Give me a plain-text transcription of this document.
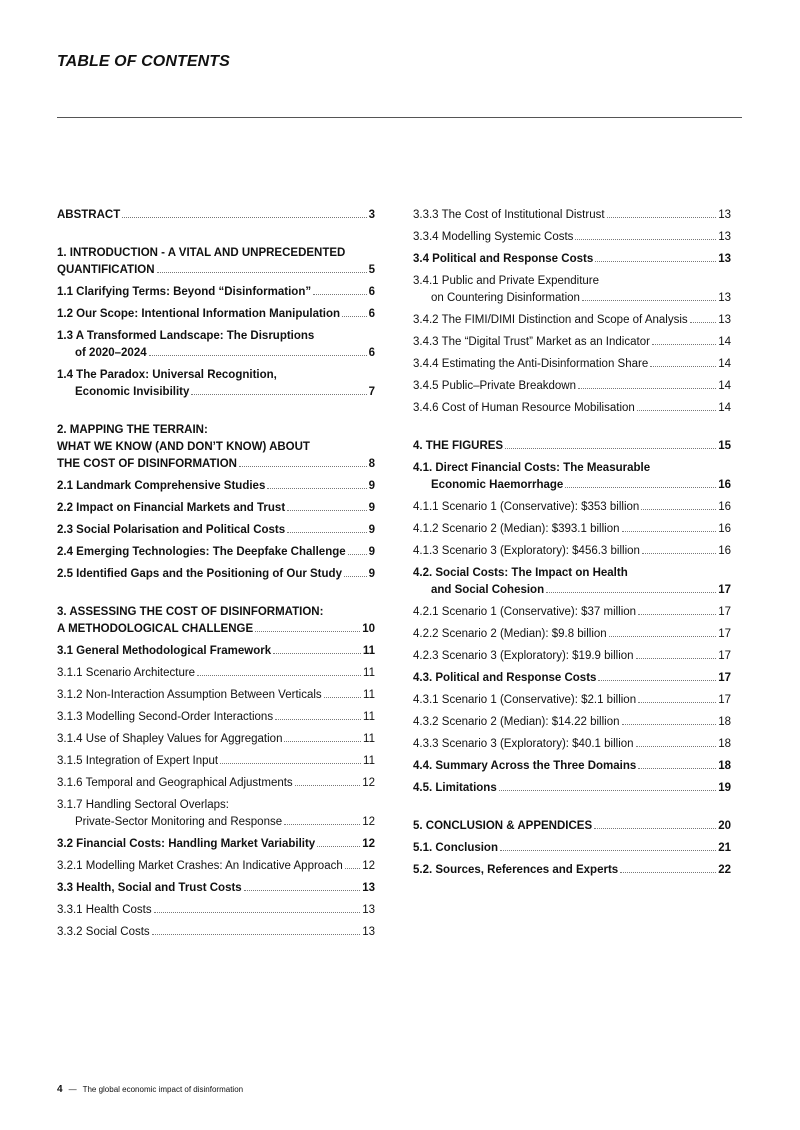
TABLE OF CONTENTS
ABSTRACT	3
1. INTRODUCTION - A VITAL AND UNPRECEDENTED
QUANTIFICATION	5
1.1 Clarifying Terms: Beyond “Disinformation”	6
1.2 Our Scope: Intentional Information Manipulation 6
1.3 A Transformed Landscape: The Disruptions
of 2020–2024	6
1.4 The Paradox: Universal Recognition,
Economic Invisibility	7
2. MAPPING THE TERRAIN:
WHAT WE KNOW (AND DON’T KNOW) ABOUT
THE COST OF DISINFORMATION	8
2.1 Landmark Comprehensive Studies	9
2.2 Impact on Financial Markets and Trust	9
2.3 Social Polarisation and Political Costs	9
2.4 Emerging Technologies: The Deepfake Challenge 9
2.5 Identified Gaps and the Positioning of Our Study 9
3. ASSESSING THE COST OF DISINFORMATION:
A METHODOLOGICAL CHALLENGE	10
3.1 General Methodological Framework	11
3.1.1 Scenario Architecture	11
3.1.2 Non-Interaction Assumption Between Verticals	11
3.1.3 Modelling Second-Order Interactions	11
3.1.4 Use of Shapley Values for Aggregation	11
3.1.5 Integration of Expert Input	11
3.1.6 Temporal and Geographical Adjustments	12
3.1.7 Handling Sectoral Overlaps:
Private-Sector Monitoring and Response	12
3.2 Financial Costs: Handling Market Variability	12
3.2.1 Modelling Market Crashes: An Indicative Approach 12
3.3 Health, Social and Trust Costs	13
3.3.1 Health Costs	13
3.3.2 Social Costs	13
3.3.3 The Cost of Institutional Distrust	13
3.3.4 Modelling Systemic Costs	13
3.4 Political and Response Costs	13
3.4.1 Public and Private Expenditure
on Countering Disinformation	13
3.4.2 The FIMI/DIMI Distinction and Scope of Analysis	13
3.4.3 The “Digital Trust” Market as an Indicator	14
3.4.4 Estimating the Anti-Disinformation Share	14
3.4.5 Public–Private Breakdown	14
3.4.6 Cost of Human Resource Mobilisation	14
4. THE FIGURES	15
4.1. Direct Financial Costs: The Measurable
Economic Haemorrhage	16
4.1.1 Scenario 1 (Conservative): $353 billion	16
4.1.2 Scenario 2 (Median): $393.1 billion	16
4.1.3 Scenario 3 (Exploratory): $456.3 billion	16
4.2. Social Costs: The Impact on Health
and Social Cohesion	17
4.2.1 Scenario 1 (Conservative): $37 million	17
4.2.2 Scenario 2 (Median): $9.8 billion	17
4.2.3 Scenario 3 (Exploratory): $19.9 billion	17
4.3. Political and Response Costs	17
4.3.1 Scenario 1 (Conservative): $2.1 billion	17
4.3.2 Scenario 2 (Median): $14.22 billion	18
4.3.3 Scenario 3 (Exploratory): $40.1 billion	18
4.4. Summary Across the Three Domains	18
4.5. Limitations	19
5. CONCLUSION & APPENDICES	20
5.1. Conclusion	21
5.2. Sources, References and Experts	22
4 — The global economic impact of disinformation
